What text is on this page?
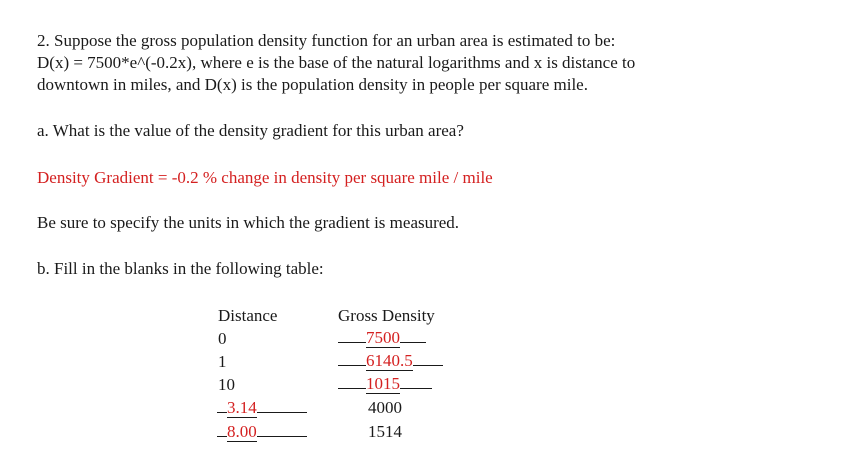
2. Suppose the gross population density function for an urban area is estimated to be:
D(x) = 7500*e^(-0.2x), where e is the base of the natural logarithms and x is distance to
downtown in miles, and D(x) is the population density in people per square mile.
a. What is the value of the density gradient for this urban area?
Density Gradient = -0.2 % change in density per square mile / mile
Be sure to specify the units in which the gradient is measured.
b. Fill in the blanks in the following table:
Distance	Gross Density
0	7500
1	6140.5
10	1015
3.14	4000
8.00	1514
